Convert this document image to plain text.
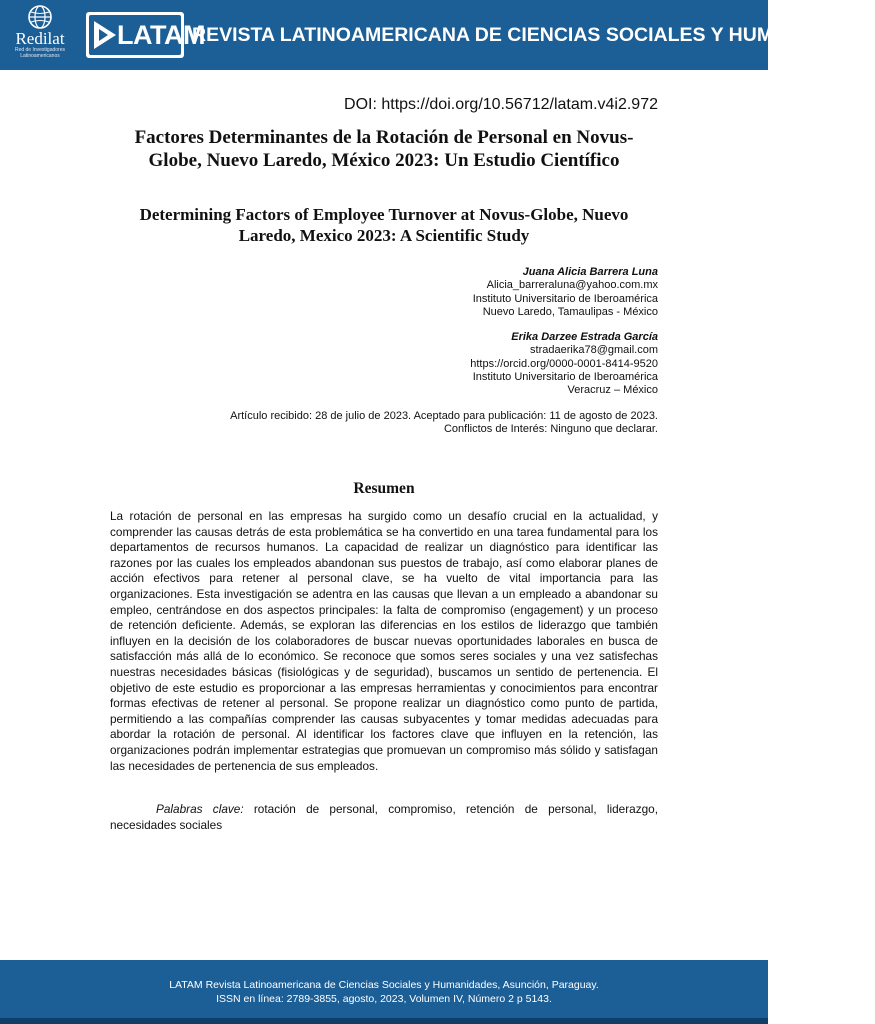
Redilat
Red de Investigadores
Latinoamericanos
LATAM
REVISTA LATINOAMERICANA DE CIENCIAS SOCIALES Y HUMANIDADES
DOI: https://doi.org/10.56712/latam.v4i2.972
Factores Determinantes de la Rotación de Personal en Novus-Globe, Nuevo Laredo, México 2023: Un Estudio Científico
Determining Factors of Employee Turnover at Novus-Globe, Nuevo Laredo, Mexico 2023: A Scientific Study
Juana Alicia Barrera Luna
Alicia_barreraluna@yahoo.com.mx
Instituto Universitario de Iberoamérica
Nuevo Laredo, Tamaulipas - México
Erika Darzee Estrada García
stradaerika78@gmail.com
https://orcid.org/0000-0001-8414-9520
Instituto Universitario de Iberoamérica
Veracruz – México
Artículo recibido: 28 de julio de 2023. Aceptado para publicación: 11 de agosto de 2023.
Conflictos de Interés: Ninguno que declarar.
Resumen

La rotación de personal en las empresas ha surgido como un desafío crucial en la actualidad, y comprender las causas detrás de esta problemática se ha convertido en una tarea fundamental para los departamentos de recursos humanos. La capacidad de realizar un diagnóstico para identificar las razones por las cuales los empleados abandonan sus puestos de trabajo, así como elaborar planes de acción efectivos para retener al personal clave, se ha vuelto de vital importancia para las organizaciones. Esta investigación se adentra en las causas que llevan a un empleado a abandonar su empleo, centrándose en dos aspectos principales: la falta de compromiso (engagement) y un proceso de retención deficiente. Además, se exploran las diferencias en los estilos de liderazgo que también influyen en la decisión de los colaboradores de buscar nuevas oportunidades laborales en busca de satisfacción más allá de lo económico. Se reconoce que somos seres sociales y una vez satisfechas nuestras necesidades básicas (fisiológicas y de seguridad), buscamos un sentido de pertenencia. El objetivo de este estudio es proporcionar a las empresas herramientas y conocimientos para encontrar formas efectivas de retener al personal. Se propone realizar un diagnóstico como punto de partida, permitiendo a las compañías comprender las causas subyacentes y tomar medidas adecuadas para abordar la rotación de personal. Al identificar los factores clave que influyen en la retención, las organizaciones podrán implementar estrategias que promuevan un compromiso más sólido y satisfagan las necesidades de pertenencia de sus empleados.

Palabras clave: rotación de personal, compromiso, retención de personal, liderazgo, necesidades sociales

LATAM Revista Latinoamericana de Ciencias Sociales y Humanidades, Asunción, Paraguay.
ISSN en línea: 2789-3855, agosto, 2023, Volumen IV, Número 2 p 5143.
